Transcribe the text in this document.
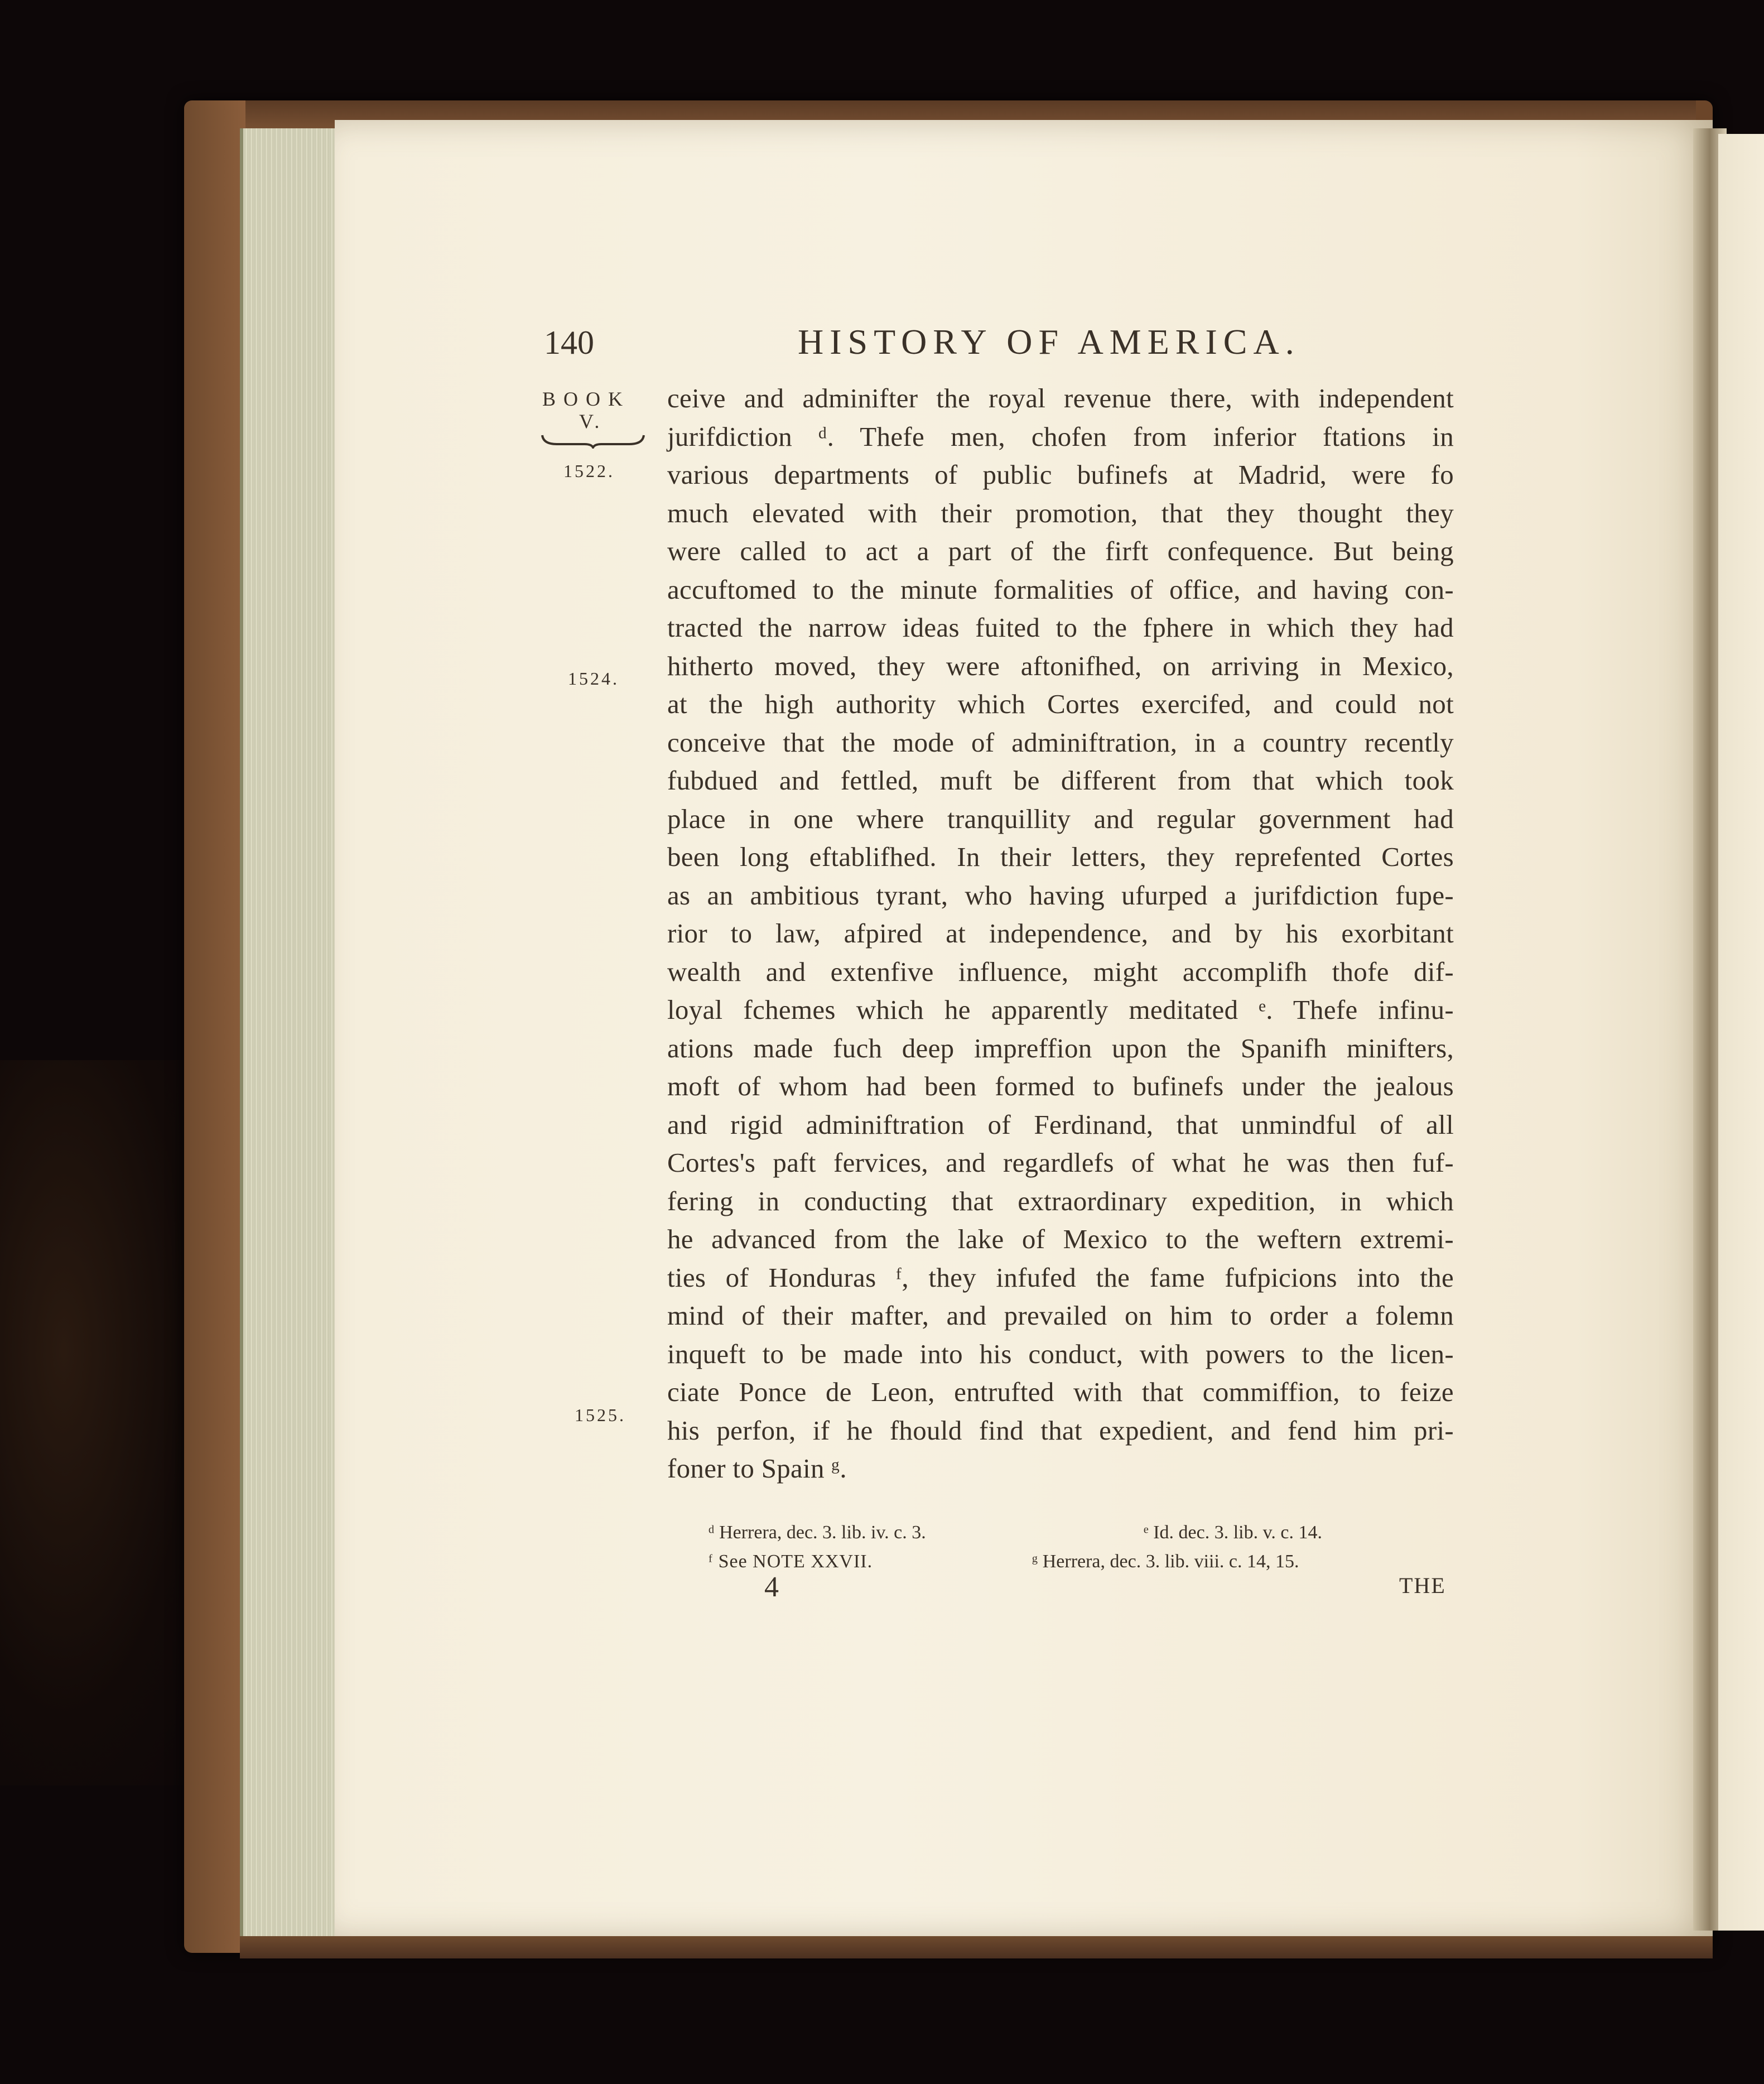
140	HISTORY OF AMERICA.
BOOK
V.
1522.
1524.
1525.
ceive and adminifter the royal revenue there, with independent
jurifdiction ᵈ. Thefe men, chofen from inferior ftations in
various departments of public bufinefs at Madrid, were fo
much elevated with their promotion, that they thought they
were called to act a part of the firft confequence. But being
accuftomed to the minute formalities of office, and having con-
tracted the narrow ideas fuited to the fphere in which they had
hitherto moved, they were aftonifhed, on arriving in Mexico,
at the high authority which Cortes exercifed, and could not
conceive that the mode of adminiftration, in a country recently
fubdued and fettled, muft be different from that which took
place in one where tranquillity and regular government had
been long eftablifhed. In their letters, they reprefented Cortes
as an ambitious tyrant, who having ufurped a jurifdiction fupe-
rior to law, afpired at independence, and by his exorbitant
wealth and extenfive influence, might accomplifh thofe dif-
loyal fchemes which he apparently meditated ᵉ. Thefe infinu-
ations made fuch deep impreffion upon the Spanifh minifters,
moft of whom had been formed to bufinefs under the jealous
and rigid adminiftration of Ferdinand, that unmindful of all
Cortes's paft fervices, and regardlefs of what he was then fuf-
fering in conducting that extraordinary expedition, in which
he advanced from the lake of Mexico to the weftern extremi-
ties of Honduras ᶠ, they infufed the fame fufpicions into the
mind of their mafter, and prevailed on him to order a folemn
inqueft to be made into his conduct, with powers to the licen-
ciate Ponce de Leon, entrufted with that commiffion, to feize
his perfon, if he fhould find that expedient, and fend him pri-
foner to Spain ᵍ.
ᵈ Herrera, dec. 3. lib. iv. c. 3.	ᵉ Id. dec. 3. lib. v. c. 14.
ᶠ See NOTE XXVII.	ᵍ Herrera, dec. 3. lib. viii. c. 14, 15.
4	THE
